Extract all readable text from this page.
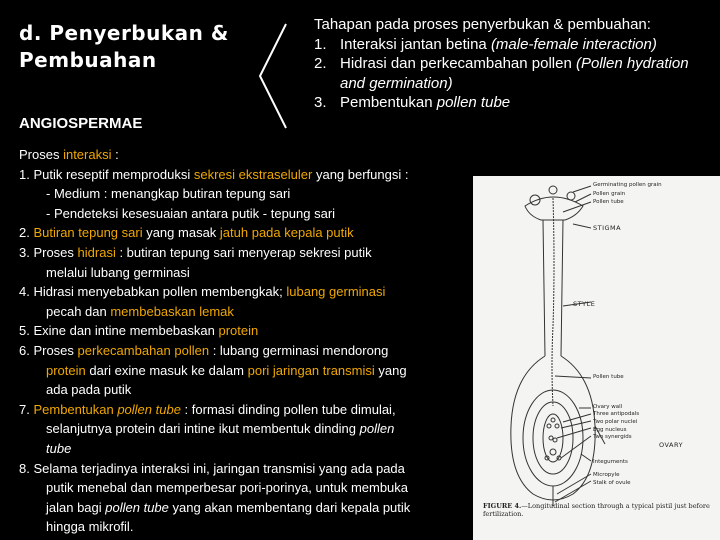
d. Penyerbukan & Pembuahan
ANGIOSPERMAE
Tahapan pada proses penyerbukan & pembuahan:
1. Interaksi jantan betina (male-female interaction)
2. Hidrasi dan perkecambahan pollen (Pollen hydration and germination)
3. Pembentukan pollen tube
Proses interaksi :
1. Putik reseptif memproduksi sekresi ekstraseluler yang berfungsi :
- Medium : menangkap butiran tepung sari
- Pendeteksi kesesuaian antara putik - tepung sari
2. Butiran tepung sari yang masak jatuh pada kepala putik
3. Proses hidrasi : butiran tepung sari menyerap sekresi putik
melalui lubang germinasi
4. Hidrasi menyebabkan pollen membengkak; lubang germinasi
pecah dan membebaskan lemak
5. Exine dan intine membebaskan protein
6. Proses perkecambahan pollen : lubang germinasi mendorong
protein dari exine masuk ke dalam pori jaringan transmisi yang
ada pada putik
7. Pembentukan pollen tube : formasi dinding pollen tube dimulai,
selanjutnya protein dari intine ikut membentuk dinding pollen
tube
8. Selama terjadinya interaksi ini, jaringan transmisi yang ada pada
putik menebal dan memperbesar pori-porinya, untuk membuka
jalan bagi pollen tube yang akan membentang dari kepala putik
hingga mikrofil.
Germinating pollen grain
Pollen grain
Pollen tube
STIGMA
STYLE
Pollen tube
Ovary wall
Three antipodals
Two polar nuclei
Egg nucleus
Two synergids
OVARY
Integuments
Micropyle
Stalk of ovule
FIGURE 4.—Longitudinal section through a typical pistil just before fertilization.
